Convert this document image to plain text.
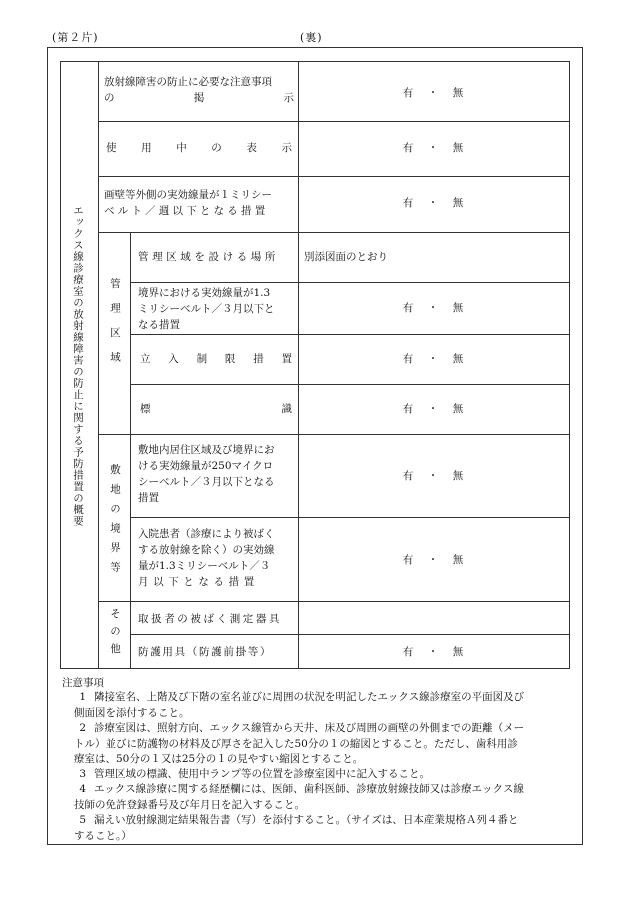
(第２片)	(裏)
エックス線診療室の放射線障害の防止に関する予防措置の概要
放射線障害の防止に必要な注意事項
の	掲	示	有　・　無
使 用 中 の 表 示	有　・　無
画壁等外側の実効線量が１ミリシー
ベルト／週以下となる措置
有　・　無
管理区域
管理区域を設ける場所 別添図面のとおり
境界における実効線量が1.3
ミリシーベルト／３月以下と
なる措置
有　・　無
立 入 制 限 措 置	有　・　無
標	識	有　・　無
敷地の境界等
敷地内居住区域及び境界にお
ける実効線量が250マイクロ
シーベルト／３月以下となる
措置
有　・　無
入院患者（診療により被ばく
する放射線を除く）の実効線
量が1.3ミリシーベルト／３
月以下となる措置
有　・　無
その他 取扱者の被ばく測定器具
防護用具（防護前掛等）	有　・　無
注意事項
1 隣接室名、上階及び下階の室名並びに周囲の状況を明記したエックス線診療室の平面図及び
側面図を添付すること。
2 診療室図は、照射方向、エックス線管から天井、床及び周囲の画壁の外側までの距離（メー
トル）並びに防護物の材料及び厚さを記入した50分の１の縮図とすること。ただし、歯科用診
療室は、50分の１又は25分の１の見やすい縮図とすること。
3 管理区域の標識、使用中ランプ等の位置を診療室図中に記入すること。
4 エックス線診療に関する経歴欄には、医師、歯科医師、診療放射線技師又は診療エックス線
技師の免許登録番号及び年月日を記入すること。
5 漏えい放射線測定結果報告書（写）を添付すること。（サイズは、日本産業規格Ａ列４番と
すること。）
